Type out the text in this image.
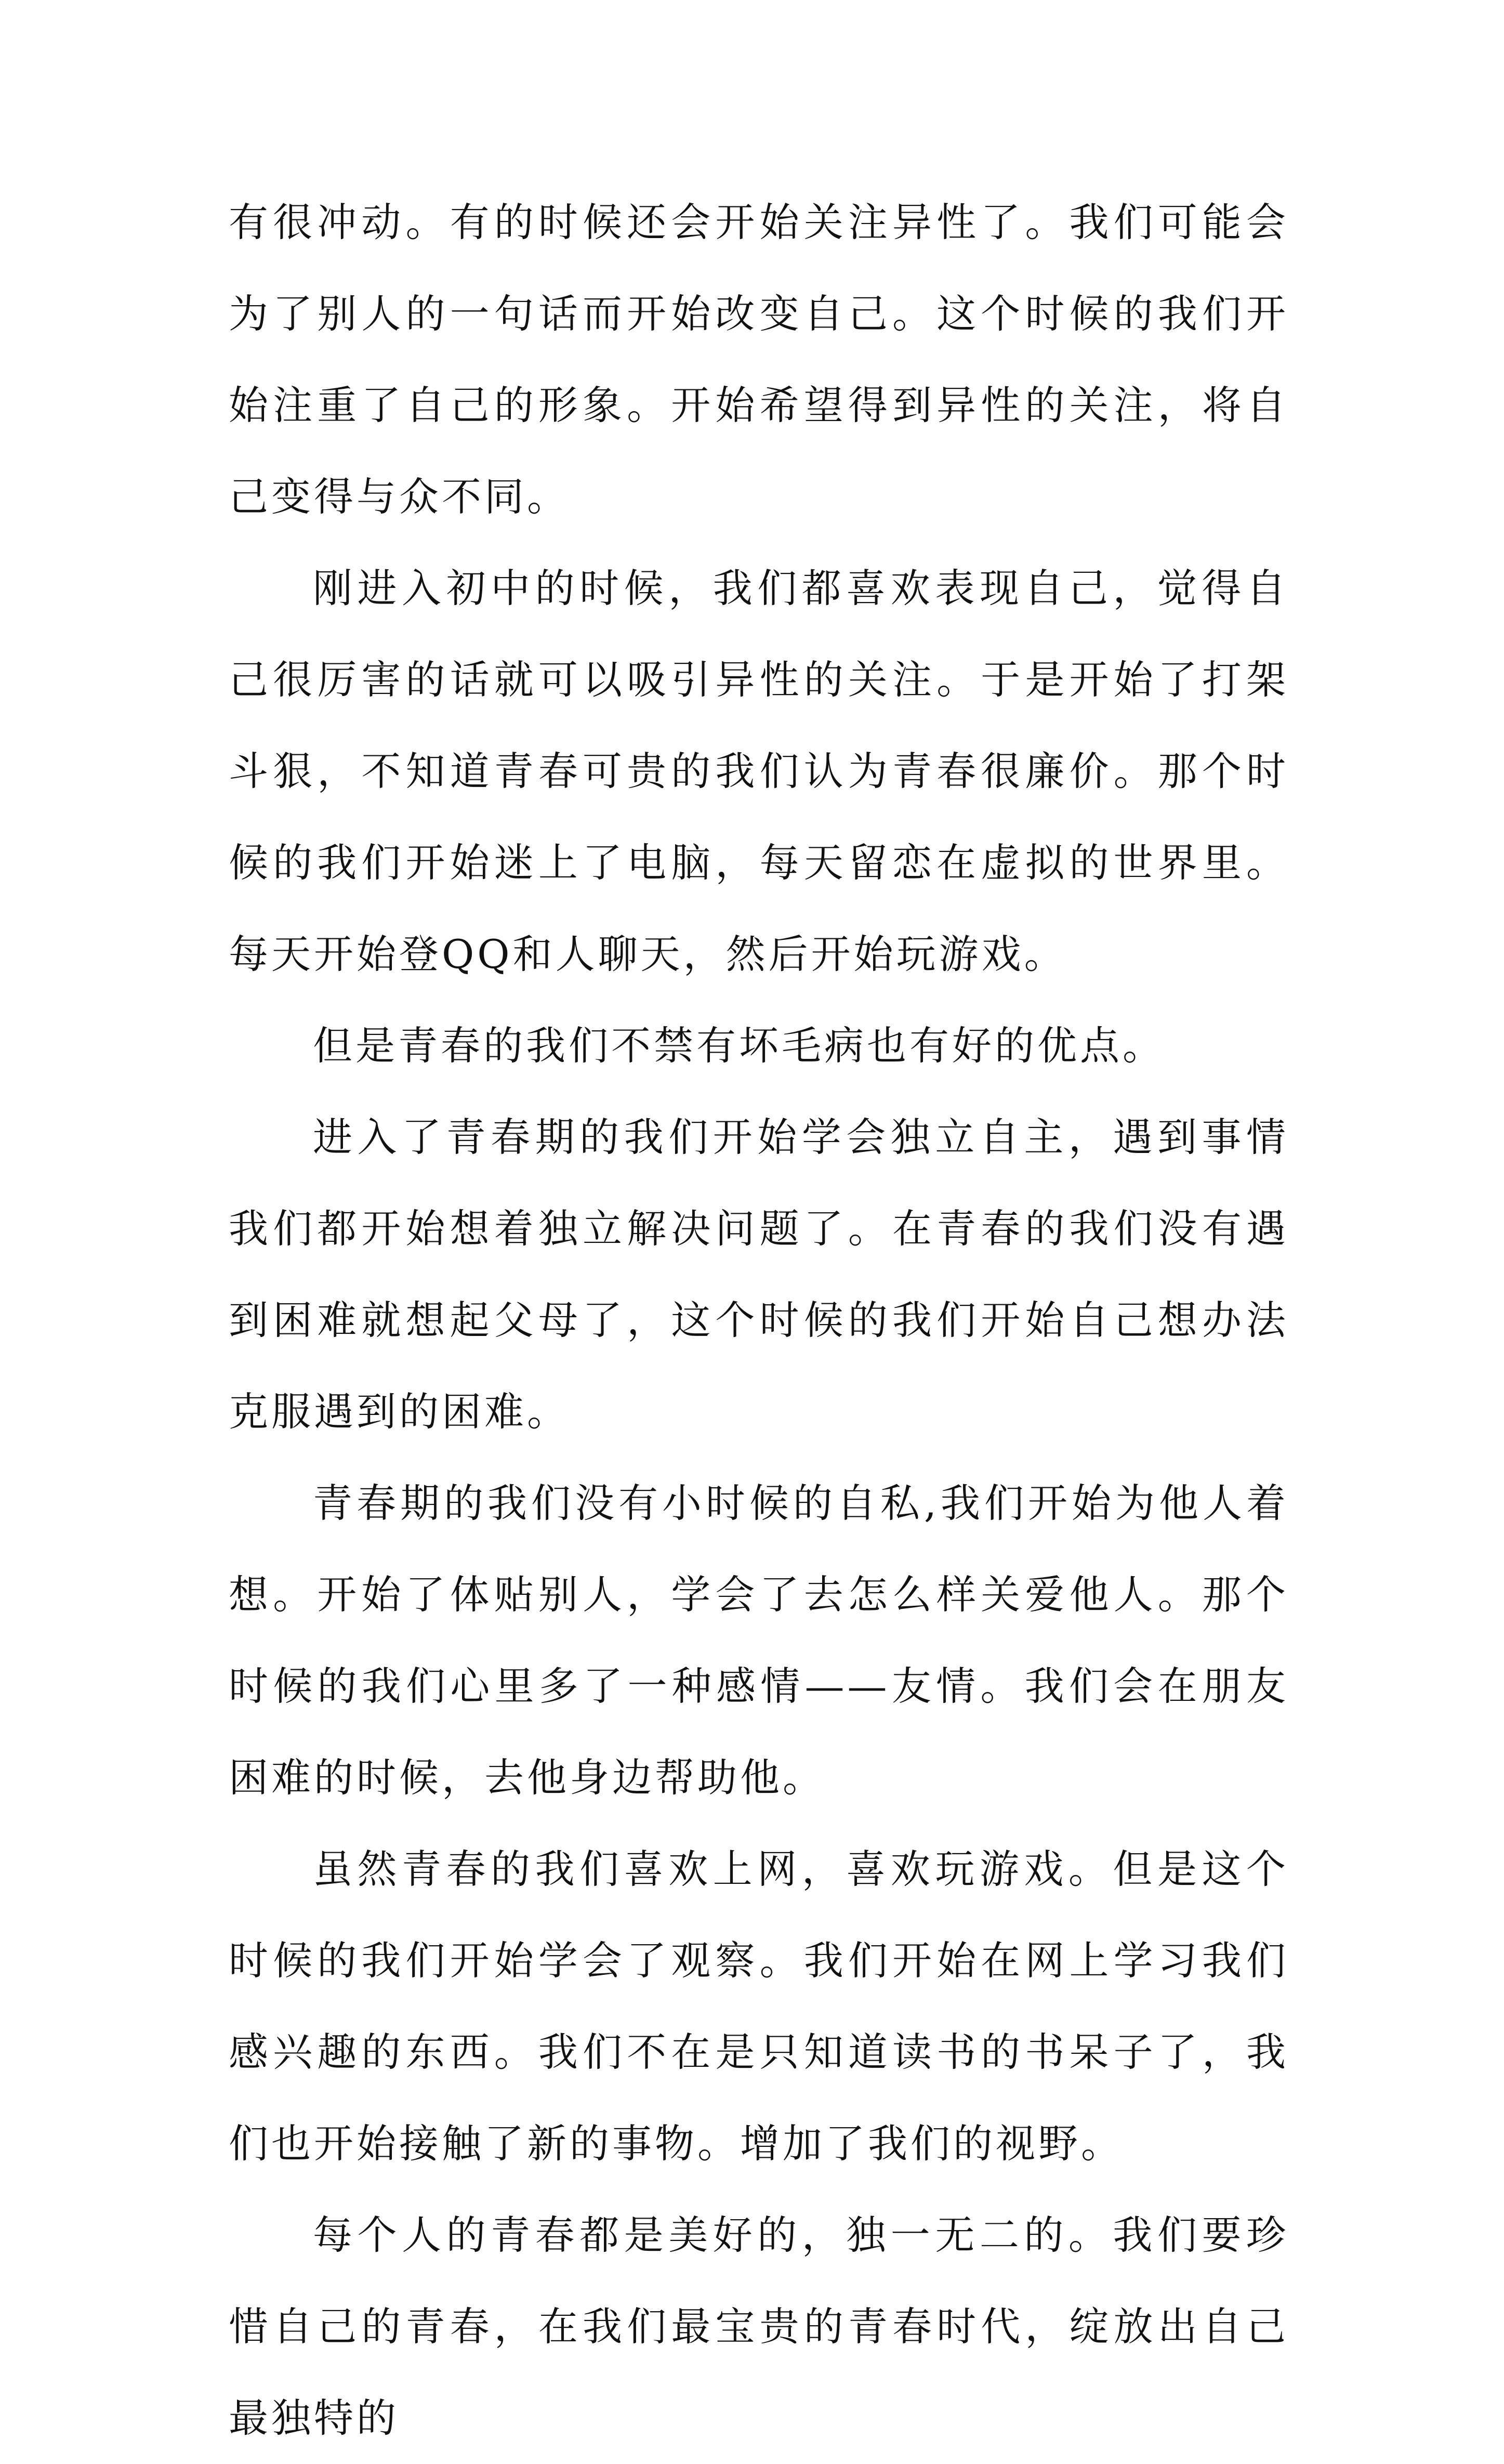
有很冲动。有的时候还会开始关注异性了。我们可能会为了别人的一句话而开始改变自己。这个时候的我们开始注重了自己的形象。开始希望得到异性的关注，将自己变得与众不同。

刚进入初中的时候，我们都喜欢表现自己，觉得自己很厉害的话就可以吸引异性的关注。于是开始了打架斗狠，不知道青春可贵的我们认为青春很廉价。那个时候的我们开始迷上了电脑，每天留恋在虚拟的世界里。每天开始登QQ和人聊天，然后开始玩游戏。

但是青春的我们不禁有坏毛病也有好的优点。

进入了青春期的我们开始学会独立自主，遇到事情我们都开始想着独立解决问题了。在青春的我们没有遇到困难就想起父母了，这个时候的我们开始自己想办法克服遇到的困难。

青春期的我们没有小时候的自私,我们开始为他人着想。开始了体贴别人，学会了去怎么样关爱他人。那个时候的我们心里多了一种感情——友情。我们会在朋友困难的时候，去他身边帮助他。

虽然青春的我们喜欢上网，喜欢玩游戏。但是这个时候的我们开始学会了观察。我们开始在网上学习我们感兴趣的东西。我们不在是只知道读书的书呆子了，我们也开始接触了新的事物。增加了我们的视野。

每个人的青春都是美好的，独一无二的。我们要珍惜自己的青春，在我们最宝贵的青春时代，绽放出自己最独特的
